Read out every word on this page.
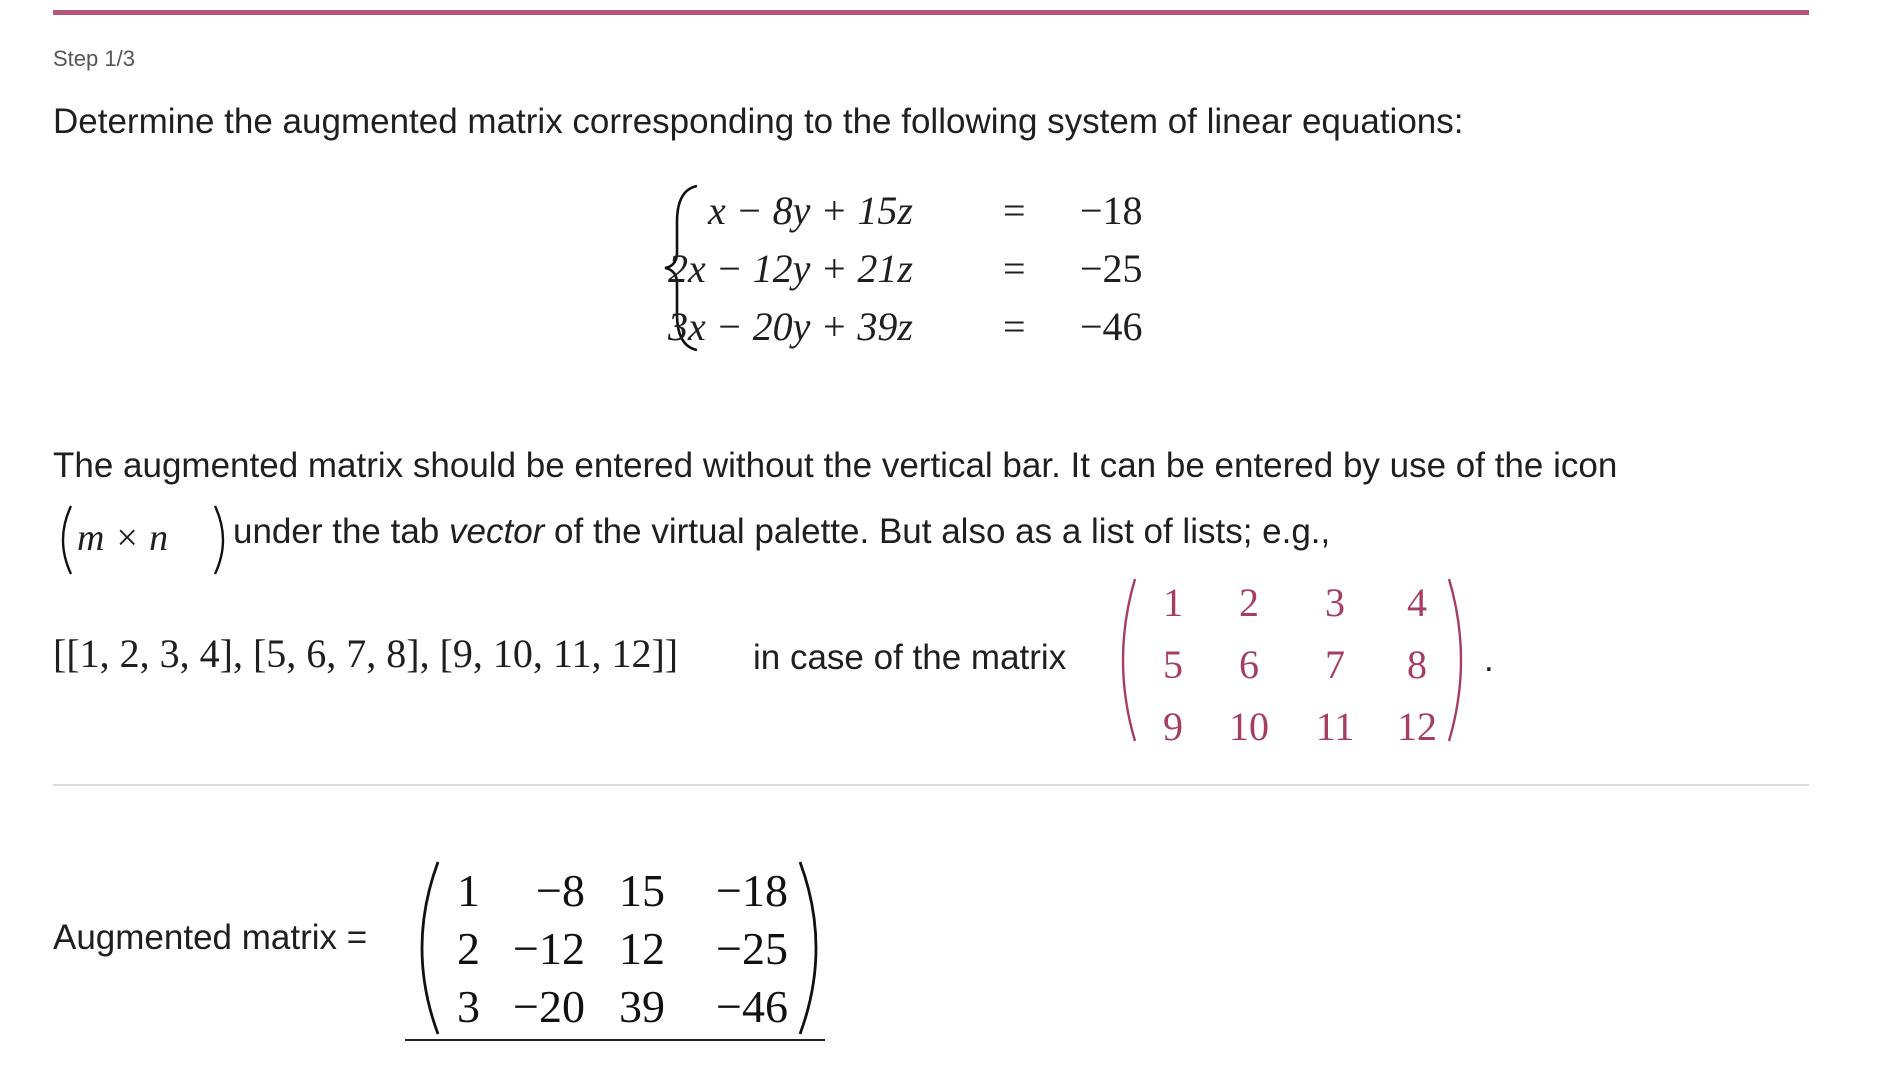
Step 1/3
Determine the augmented matrix corresponding to the following system of linear equations:
x − 8y + 15z = −18
2x − 12y + 21z = −25
3x − 20y + 39z = −46
The augmented matrix should be entered without the vertical bar. It can be entered by use of the icon
m × n under the tab vector of the virtual palette. But also as a list of lists; e.g.,
[[1, 2, 3, 4], [5, 6, 7, 8], [9, 10, 11, 12]] in case of the matrix
1	2	3	4
5	6	7	8
9	10 11 12
.
Augmented matrix =
1 −8 15 −18
2 −12 12 −25
3 −20 39 −46
